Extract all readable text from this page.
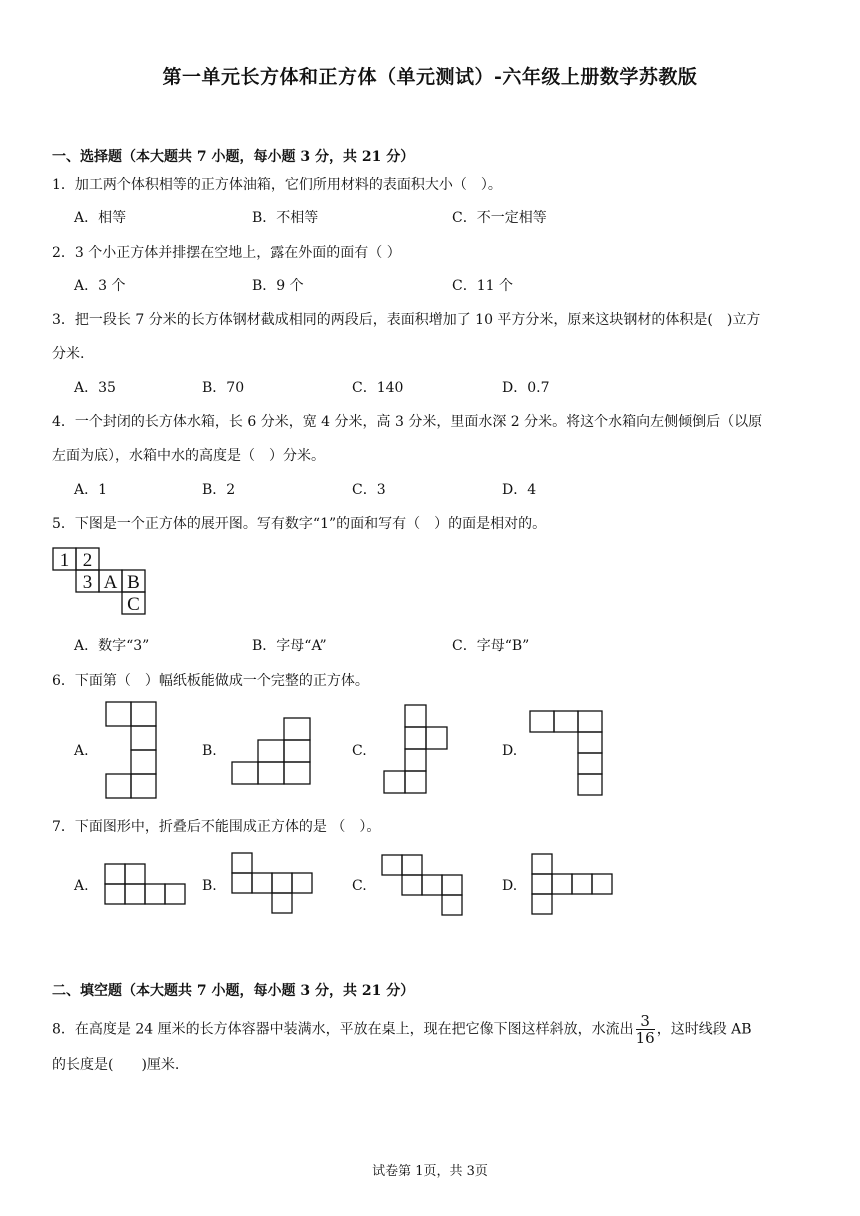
第一单元长方体和正方体（单元测试）-六年级上册数学苏教版
一、选择题（本大题共 7 小题，每小题 3 分，共 21 分）
1．加工两个体积相等的正方体油箱，它们所用材料的表面积大小（　）。
A．相等	B．不相等	C．不一定相等
2．3 个小正方体并排摆在空地上，露在外面的面有（ ）
A．3 个	B．9 个	C．11 个
3．把一段长 7 分米的长方体钢材截成相同的两段后，表面积增加了 10 平方分米，原来这块钢材的体积是(　)立方
分米.
A．35	B．70	C．140	D．0.7
4．一个封闭的长方体水箱，长 6 分米，宽 4 分米，高 3 分米，里面水深 2 分米。将这个水箱向左侧倾倒后（以原
左面为底），水箱中水的高度是（　）分米。
A．1	B．2	C．3	D．4
5．下图是一个正方体的展开图。写有数字“1”的面和写有（　）的面是相对的。
1 2
3 A B
C
A．数字“3”	B．字母“A”	C．字母“B”
6．下面第（　）幅纸板能做成一个完整的正方体。
A.	B.	C.	D.
7．下面图形中，折叠后不能围成正方体的是 （　）。
A.	B.	C.	D.
二、填空题（本大题共 7 小题，每小题 3 分，共 21 分）
8．在高度是 24 厘米的长方体容器中装满水，平放在桌上，现在把它像下图这样斜放，水流出 $\frac{3}{16}$ ，这时线段 AB
的长度是(　　)厘米.
试卷第 1页，共 3页
